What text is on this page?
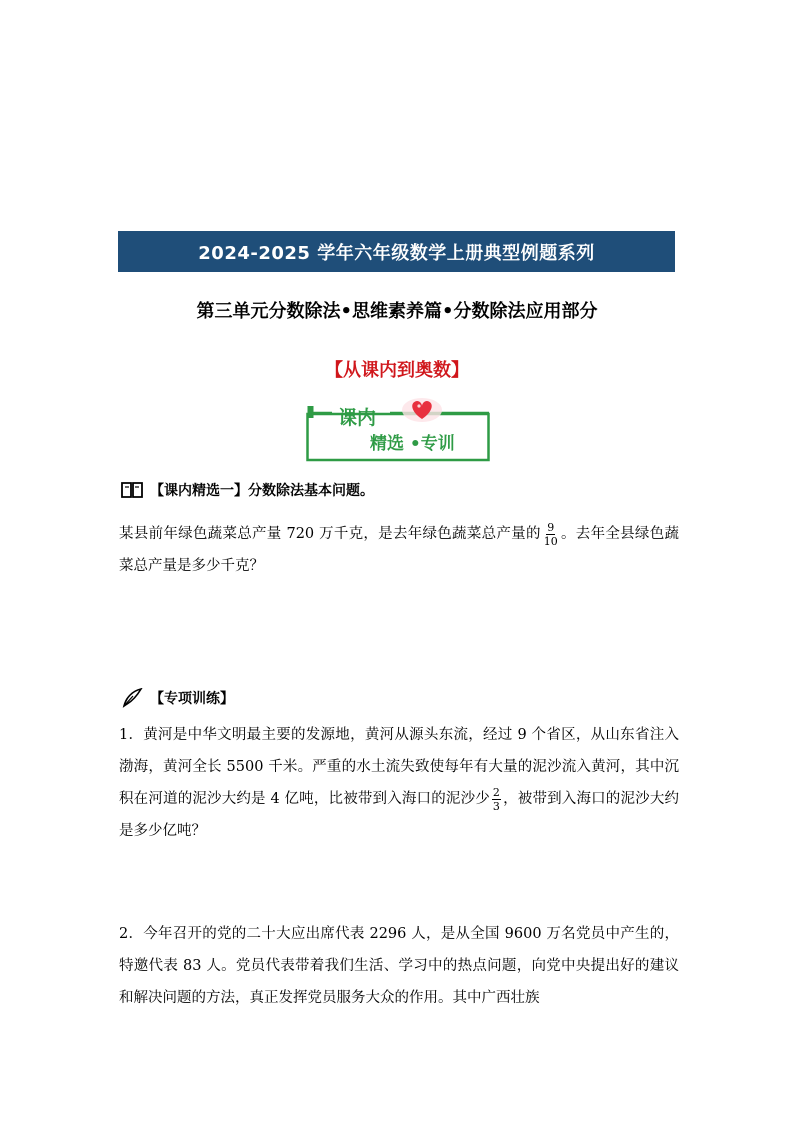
2024-2025 学年六年级数学上册典型例题系列
第三单元分数除法•思维素养篇•分数除法应用部分
【从课内到奥数】
课内
精选 •专训
【课内精选一】分数除法基本问题。
某县前年绿色蔬菜总产量 720 万千克，是去年绿色蔬菜总产量的 $\frac{9}{10}$ 。去年全县绿色蔬菜总产量是多少千克？
【专项训练】
1．黄河是中华文明最主要的发源地，黄河从源头东流，经过 9 个省区，从山东省注入渤海，黄河全长 5500 千米。严重的水土流失致使每年有大量的泥沙流入黄河，其中沉积在河道的泥沙大约是 4 亿吨，比被带到入海口的泥沙少 $\frac{2}{3}$ ，被带到入海口的泥沙大约是多少亿吨？
2．今年召开的党的二十大应出席代表 2296 人，是从全国 9600 万名党员中产生的，特邀代表 83 人。党员代表带着我们生活、学习中的热点问题，向党中央提出好的建议和解决问题的方法，真正发挥党员服务大众的作用。其中广西壮族
